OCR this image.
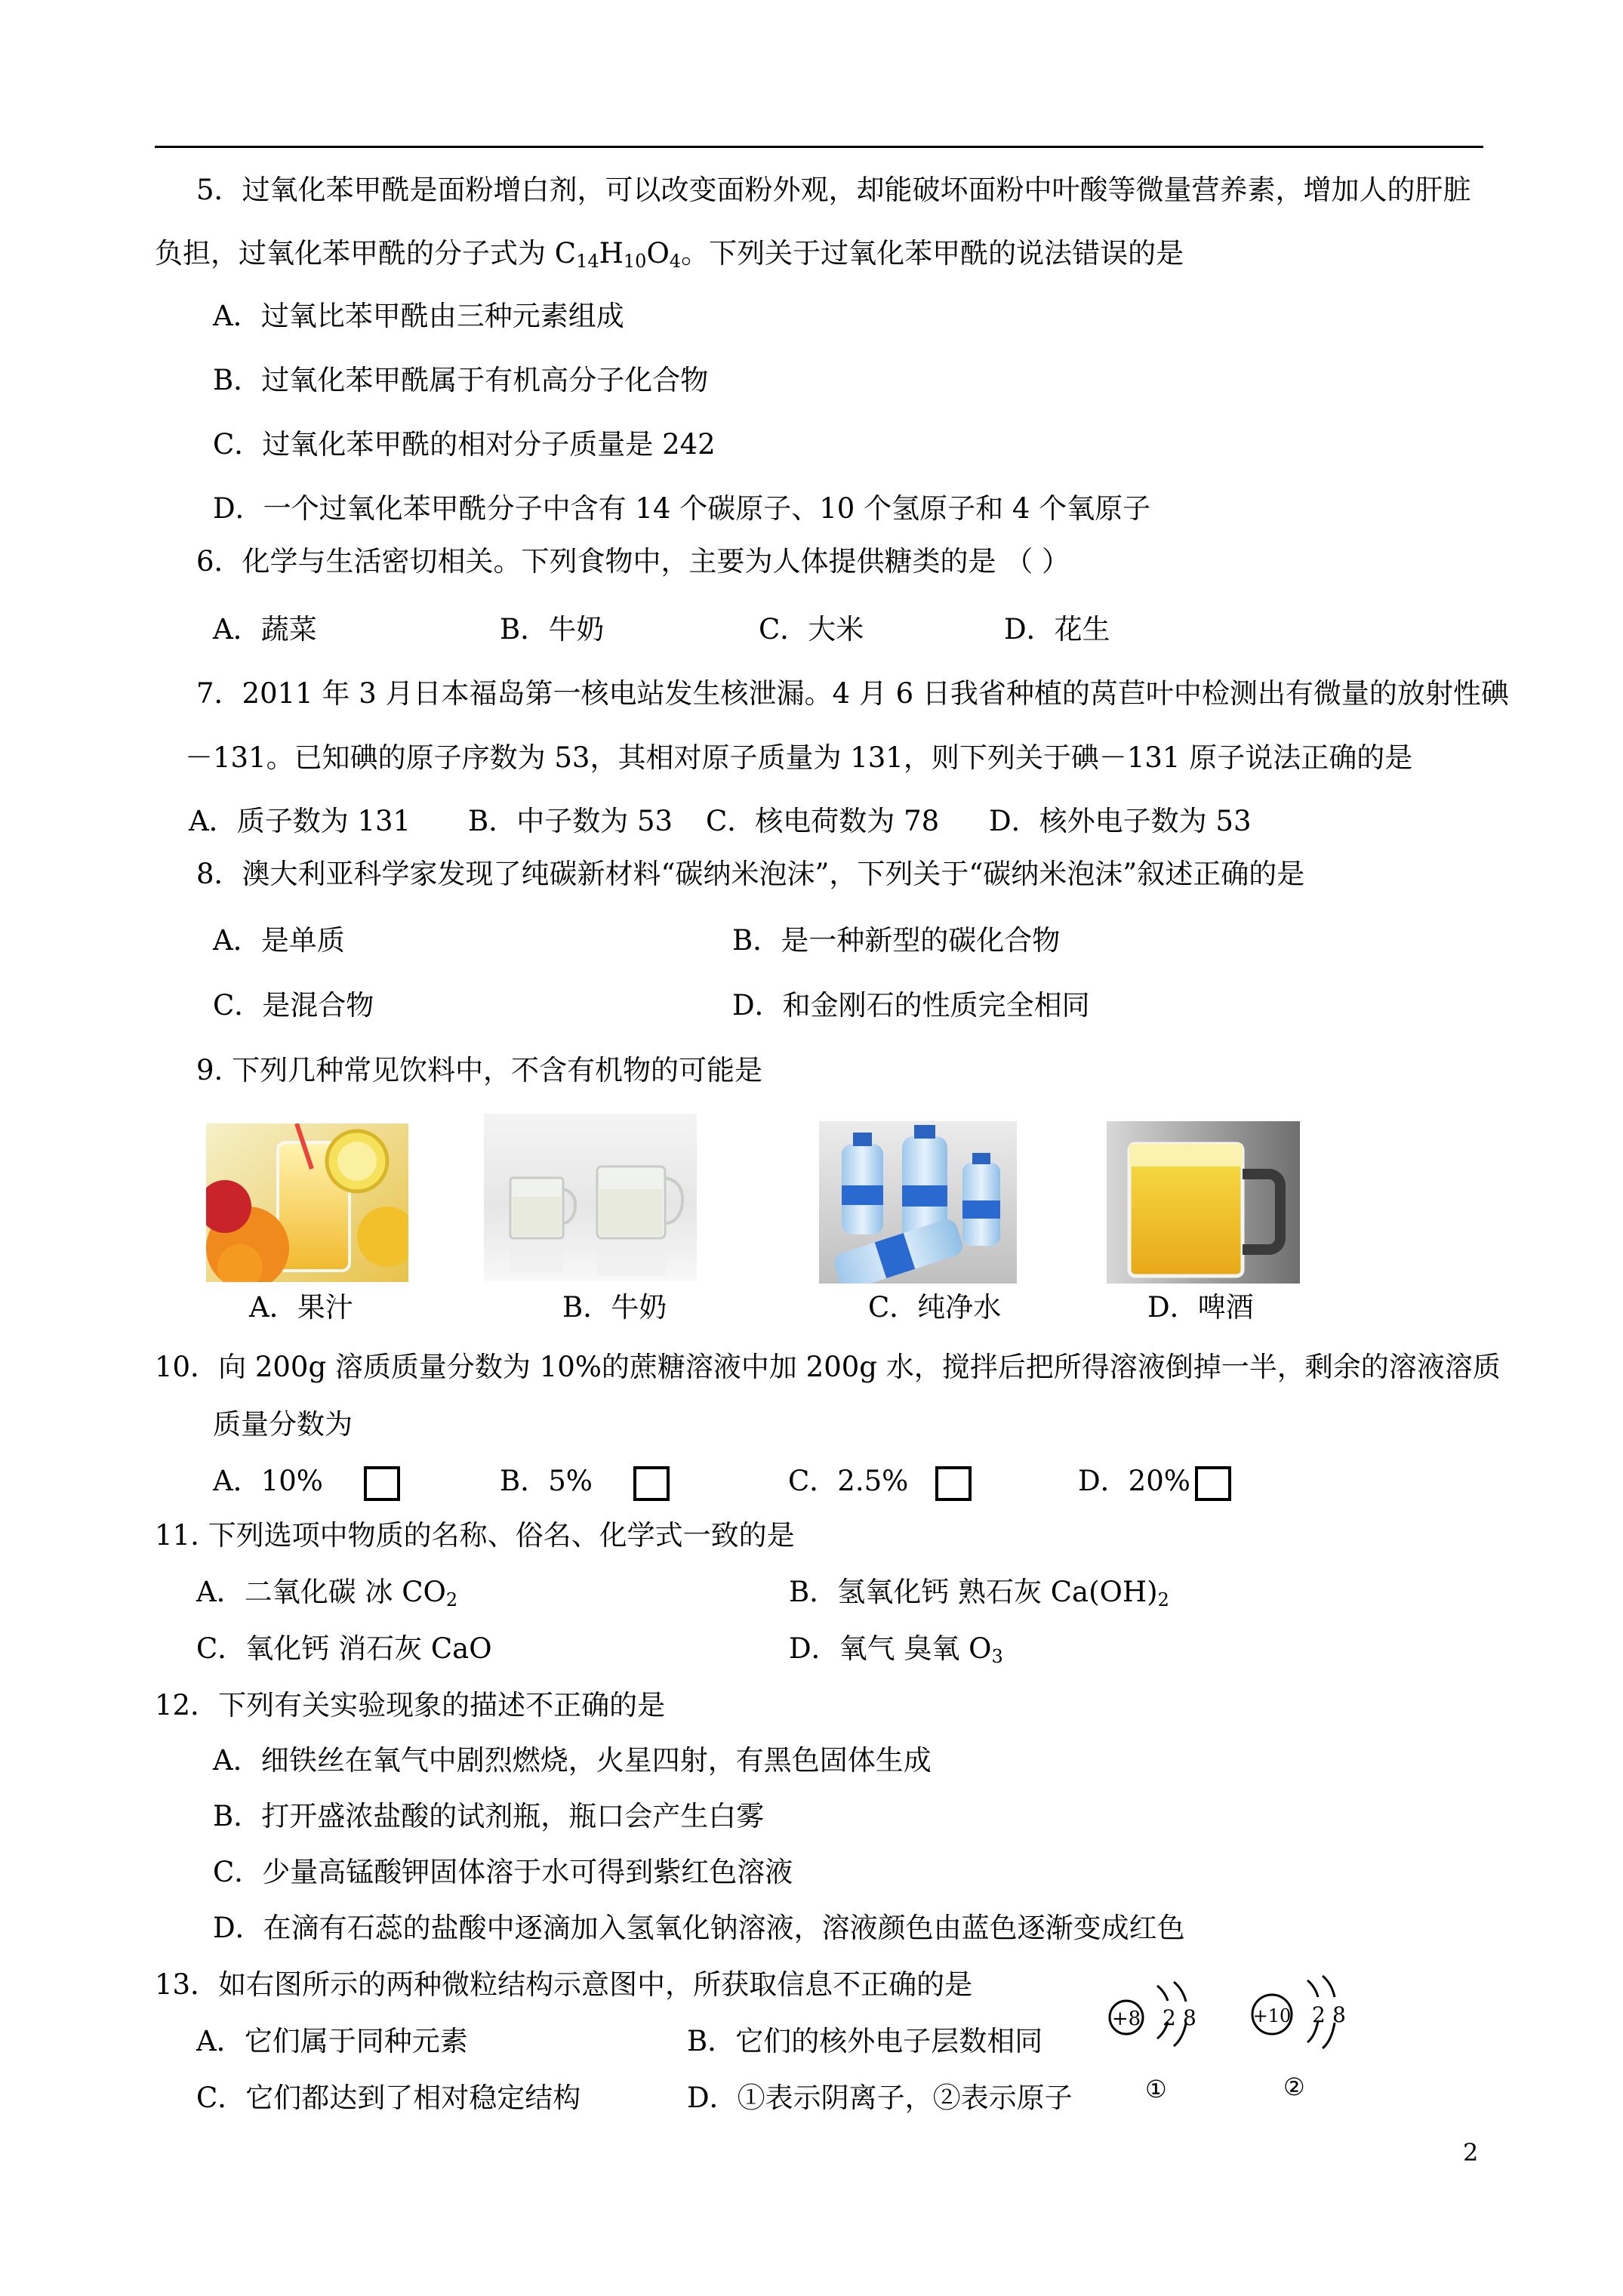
5．过氧化苯甲酰是面粉增白剂，可以改变面粉外观，却能破坏面粉中叶酸等微量营养素，增加人的肝脏
负担，过氧化苯甲酰的分子式为 $C_{14}H_{10}O_4$。下列关于过氧化苯甲酰的说法错误的是
A．过氧比苯甲酰由三种元素组成
B．过氧化苯甲酰属于有机高分子化合物
C．过氧化苯甲酰的相对分子质量是 242
D．一个过氧化苯甲酰分子中含有 14 个碳原子、10 个氢原子和 4 个氧原子
6．化学与生活密切相关。下列食物中，主要为人体提供糖类的是 （ ）
A．蔬菜	B．牛奶	C．大米	D．花生
7．2011 年 3 月日本福岛第一核电站发生核泄漏。4 月 6 日我省种植的莴苣叶中检测出有微量的放射性碘
－131。已知碘的原子序数为 53，其相对原子质量为 131，则下列关于碘－131 原子说法正确的是
A．质子数为 131 B．中子数为 53 C．核电荷数为 78 D．核外电子数为 53
8．澳大利亚科学家发现了纯碳新材料“碳纳米泡沫”，下列关于“碳纳米泡沫”叙述正确的是
A．是单质	B．是一种新型的碳化合物
C．是混合物	D．和金刚石的性质完全相同
9. 下列几种常见饮料中，不含有机物的可能是
A．果汁	B．牛奶	C．纯净水	D．啤酒
10．向 200g 溶质质量分数为 10%的蔗糖溶液中加 200g 水，搅拌后把所得溶液倒掉一半，剩余的溶液溶质
质量分数为
A．10%	B．5%	C．2.5%	D．20%
11. 下列选项中物质的名称、俗名、化学式一致的是
A．二氧化碳 冰 $CO_2$	B．氢氧化钙 熟石灰 $Ca(OH)_2$
C．氧化钙 消石灰 CaO	D．氧气 臭氧 $O_3$
12．下列有关实验现象的描述不正确的是
A．细铁丝在氧气中剧烈燃烧，火星四射，有黑色固体生成
B．打开盛浓盐酸的试剂瓶，瓶口会产生白雾
C．少量高锰酸钾固体溶于水可得到紫红色溶液
D．在滴有石蕊的盐酸中逐滴加入氢氧化钠溶液，溶液颜色由蓝色逐渐变成红色
13．如右图所示的两种微粒结构示意图中，所获取信息不正确的是
A．它们属于同种元素	B．它们的核外电子层数相同
C．它们都达到了相对稳定结构	D．①表示阴离子，②表示原子
+8 2 8
①
+10 2 8
②
2
